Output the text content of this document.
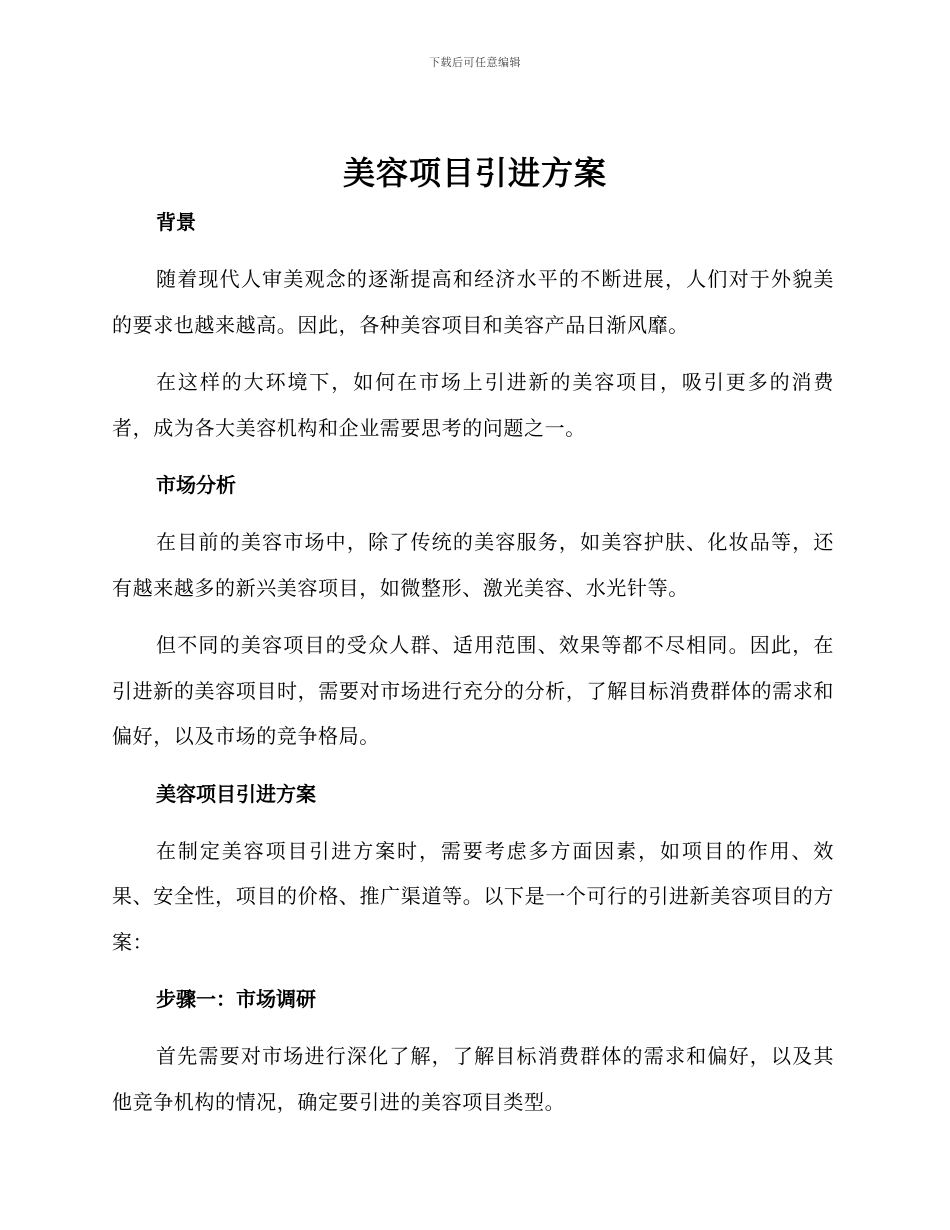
下载后可任意编辑
美容项目引进方案
背景

随着现代人审美观念的逐渐提高和经济水平的不断进展，人们对于外貌美的要求也越来越高。因此，各种美容项目和美容产品日渐风靡。

在这样的大环境下，如何在市场上引进新的美容项目，吸引更多的消费者，成为各大美容机构和企业需要思考的问题之一。

市场分析

在目前的美容市场中，除了传统的美容服务，如美容护肤、化妆品等，还有越来越多的新兴美容项目，如微整形、激光美容、水光针等。

但不同的美容项目的受众人群、适用范围、效果等都不尽相同。因此，在引进新的美容项目时，需要对市场进行充分的分析，了解目标消费群体的需求和偏好，以及市场的竞争格局。

美容项目引进方案

在制定美容项目引进方案时，需要考虑多方面因素，如项目的作用、效果、安全性，项目的价格、推广渠道等。以下是一个可行的引进新美容项目的方案：

步骤一：市场调研

首先需要对市场进行深化了解，了解目标消费群体的需求和偏好，以及其他竞争机构的情况，确定要引进的美容项目类型。
